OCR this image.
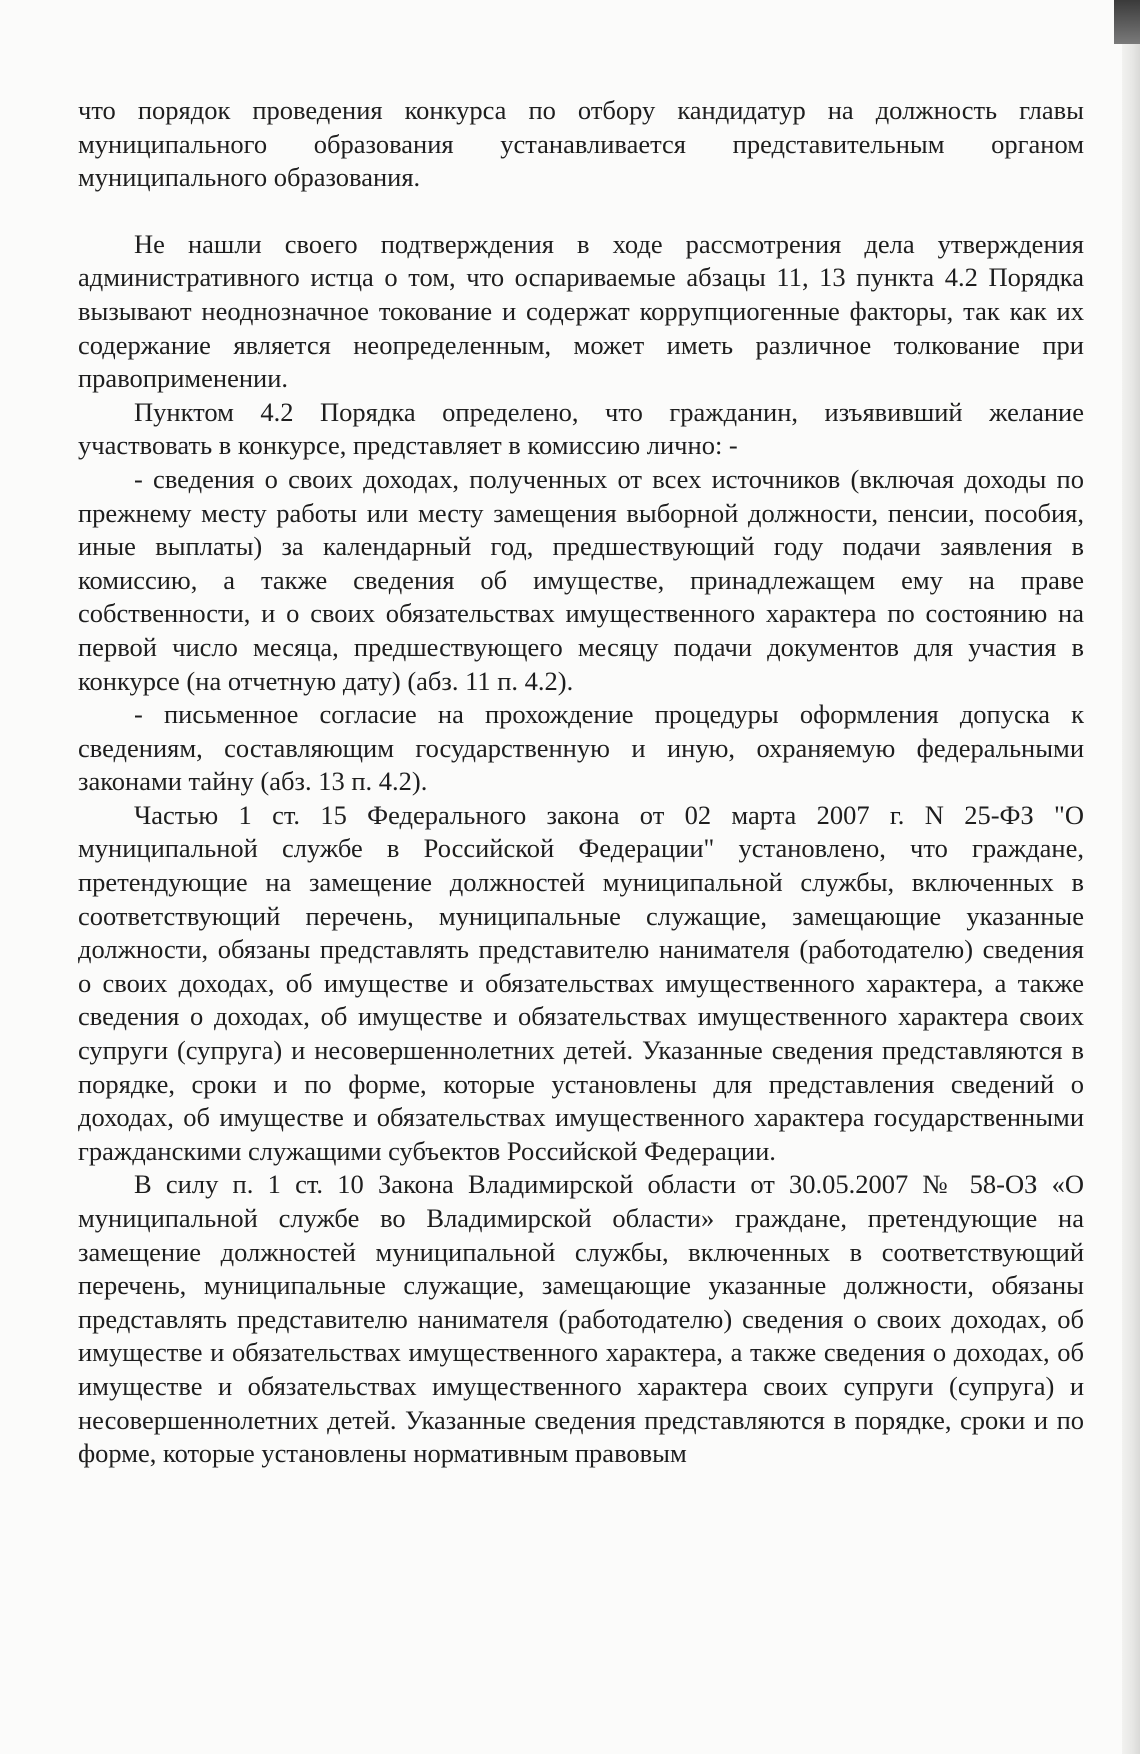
что порядок проведения конкурса по отбору кандидатур на должность главы муниципального образования устанавливается представительным органом муниципального образования.

Не нашли своего подтверждения в ходе рассмотрения дела утверждения административного истца о том, что оспариваемые абзацы 11, 13 пункта 4.2 Порядка вызывают неоднозначное токование и содержат коррупциогенные факторы, так как их содержание является неопределенным, может иметь различное толкование при правоприменении.

Пунктом 4.2 Порядка определено, что гражданин, изъявивший желание участвовать в конкурсе, представляет в комиссию лично: -

- сведения о своих доходах, полученных от всех источников (включая доходы по прежнему месту работы или месту замещения выборной должности, пенсии, пособия, иные выплаты) за календарный год, предшествующий году подачи заявления в комиссию, а также сведения об имуществе, принадлежащем ему на праве собственности, и о своих обязательствах имущественного характера по состоянию на первой число месяца, предшествующего месяцу подачи документов для участия в конкурсе (на отчетную дату) (абз. 11 п. 4.2).

- письменное согласие на прохождение процедуры оформления допуска к сведениям, составляющим государственную и иную, охраняемую федеральными законами тайну (абз. 13 п. 4.2).

Частью 1 ст. 15 Федерального закона от 02 марта 2007 г. N 25-ФЗ "О муниципальной службе в Российской Федерации" установлено, что граждане, претендующие на замещение должностей муниципальной службы, включенных в соответствующий перечень, муниципальные служащие, замещающие указанные должности, обязаны представлять представителю нанимателя (работодателю) сведения о своих доходах, об имуществе и обязательствах имущественного характера, а также сведения о доходах, об имуществе и обязательствах имущественного характера своих супруги (супруга) и несовершеннолетних детей. Указанные сведения представляются в порядке, сроки и по форме, которые установлены для представления сведений о доходах, об имуществе и обязательствах имущественного характера государственными гражданскими служащими субъектов Российской Федерации.

В силу п. 1 ст. 10 Закона Владимирской области от 30.05.2007 № 58-ОЗ «О муниципальной службе во Владимирской области» граждане, претендующие на замещение должностей муниципальной службы, включенных в соответствующий перечень, муниципальные служащие, замещающие указанные должности, обязаны представлять представителю нанимателя (работодателю) сведения о своих доходах, об имуществе и обязательствах имущественного характера, а также сведения о доходах, об имуществе и обязательствах имущественного характера своих супруги (супруга) и несовершеннолетних детей. Указанные сведения представляются в порядке, сроки и по форме, которые установлены нормативным правовым
